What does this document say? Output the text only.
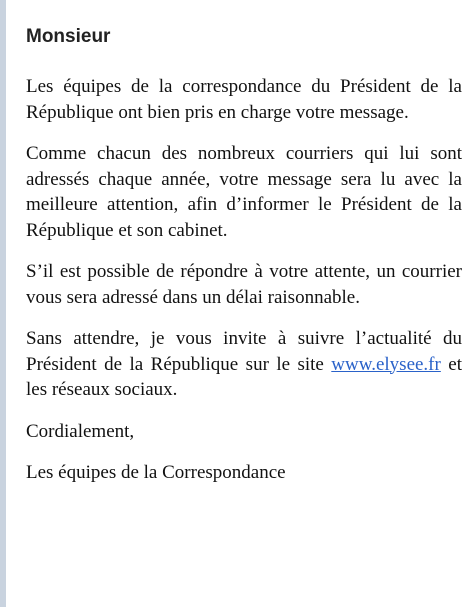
Monsieur

Les équipes de la correspondance du Président de la République ont bien pris en charge votre message.

Comme chacun des nombreux courriers qui lui sont adressés chaque année, votre message sera lu avec la meilleure attention, afin d’informer le Président de la République et son cabinet.

S’il est possible de répondre à votre attente, un courrier vous sera adressé dans un délai raisonnable.

Sans attendre, je vous invite à suivre l’actualité du Président de la République sur le site www.elysee.fr et les réseaux sociaux.

Cordialement,

Les équipes de la Correspondance
